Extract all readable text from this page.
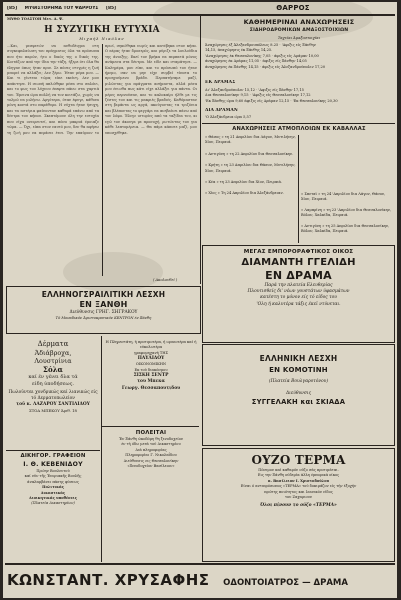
[85] ΜΥΘΙΣΤΟΡΗΜΑ ΤΟΥ ΨΑΡΡΟΥΣ [85]	ΘΑΡΡΟΣ
ΜΥΘΟ ΤΟΛΣΤΟΗ Μετ. Α. Ψ.
Η ΣΥΖΥΓΙΚΗ ΕΥΤΥΧΙΑ
Μιχαήλ Νικόλαν
...Και, μεσφετών να ανθοδέιγμα στη συγκεφαλαίωση του πράγματος όλα τα πρόσωπα που ήτο παρών, ήτο ο δικός της ο δικός της. Κοιτάζων από την ίδια την τάξη, ήξερε ότι όλα θα έληγαν όπως ήταν πριν. Σε πόσες στιγμές η ζωή μπορεί να αλλάξει; Δεν ξέρω. Ήταν μέρα μου. — Και τι γίνεται τώρα; είπε εκείνη. Δεν μου απάντησε. Η σιωπή απλώθηκε μέσα στο σαλόνι, και το φως του λύχνου έπεφτε πάνω στα χαρτιά του. Έμεινα ώρα πολλή να τον κοιτάζω, χωρίς να τολμώ να μιλήσω. Αργότερα, όταν έφυγε, κάθισα μόνη κοντά στο παράθυρο. Η νύχτα ήταν ήσυχη, και τα αστέρια φαίνονταν καθαρά επάνω από τα δέντρα του κήπου. Σκεπτόμουν όλη την ευτυχία που είχα ονειρευτεί, και πόσο μακριά έμοιαζε τώρα. — Όχι, είπα στον εαυτό μου, δεν θα αφήσω τη ζωή μου να περάσει έτσι. Την επαύριον το πρωί, σηκώθηκα νωρίς και κατέβηκα στον κήπο. Ο αέρας ήταν δροσερός, και μύριζε τα λουλούδια της άνοιξης. Εκεί τον βρήκα να περπατά μόνος ανάμεσα στα δέντρα. Με είδε και σταμάτησε. — Καλημέρα, μου είπε, και το πρόσωπό του ήταν ήρεμο, σαν να μην είχε συμβεί τίποτα το προηγούμενο βράδυ. Περπατήσαμε μαζί, μιλώντας για πράγματα ασήμαντα, αλλά μέσα μου ένιωθα πως κάτι είχε αλλάξει για πάντα. Οι μέρες περνούσαν, και το καλοκαίρι ήλθε με τις ζέστες του και τις μακριές βραδιές. Καθόμασταν στη βεράντα ως αργά, ακούγοντας τα τριζόνια και βλέποντας το φεγγάρι να ανεβαίνει πάνω από τον λόφο. Έλεγε ιστορίες από τα ταξίδια του, κι εγώ τον άκουγα με προσοχή, ρωτώντας του για κάθε λεπτομέρεια. — Θα πάμε κάποτε μαζί, μου υποσχέθηκε.
( Ακολουθεί )
ΚΑΘΗΜΕΡΙΝΑΙ ΑΝΑΧΩΡΗΣΕΙΣ
ΣΙΔΗΡΟΔΡΟΜΙΚΩΝ ΑΜΑΞΟΣΤΟΙΧΙΩΝ
Ταχεϊαι Άμαξοστοιχίαι
Άναχώρησις έξ Άλεξανδρουπόλεως 8.25 · 'Αφιξις είς Ξάνθην
14,15, άναχώρησις έκ Ξάνθης 14,25.
'Αναχώρησις έκ Θεσσαλονίκης 7,05 · άφιξις είς Δράμαν 10,00
άναχώρησις έκ Δράμας 11,05 · άφιξις είς Ξάνθην 14,05
άναχώρησις έκ Ξάνθης 14,15 · άφιξις είς Άλεξανδρούπολιν 17,20
ΕΚ ΔΡΑΜΑΣ
Δι' Άλεξανδρούπολιν 15,12 · 'Αφιξις είς Ξάνθην 17,15
Δια Θεσσαλονίκην 9,15 · 'Αφιξις είς Θεσσαλονίκην 17,12
'Εκ Ξάνθης ώρα 9,60 άφιξις είς Δράμαν 12,15 · 'Εκ Θεσσαλονίκης 20,30
ΔΙΑ ΔΡΑΜΑΝ
'Ο Άλεξάνδρεια ώρα 5,57
ΑΝΑΧΩΡΗΣΕΙΣ ΑΤΜΟΠΛΟΙΩΝ ΕΚ ΚΑΒΑΛΛΑΣ
« Θάσος » τη 21 Απριλίου δια Λάγον, Μυτιλήνην, Χίον, Πειραιά.
« Αντιγόνη » τη 22 Απριλίου δια Θεσσαλονίκην.
« Κρήτη » τη 23 Απριλίου δια Θάσον, Μυτιλήνην, Χίον, Πειραιά.
« Κέα » τη 23 Απριλίου δια Χίον, Πειραιά.
« Χίος » Τη 24 Απριλίου δια Άλεξάνδρειαν.	« Σπεταϊ » τη 24 'Απριλίου δια Λάγον, Θάσον, Χίον, Πειραιά.
« Λαμπρίνη » τη 23 'Απριλίου δια Θεσσαλονίκην, Βόλον, Χαλκίδα, Πειραιά.
« Αντιγόνη » τη 25 Απριλίου δια Θεσσαλονίκην, Βόλον, Χαλκίδα, Πειραιά.
ΜΕΓΑΣ ΕΜΠΟΡΟΡΑΦΤΙΚΟΣ ΟΙΚΟΣ
ΔΙΑΜΑΝΤΗ ΓΓΕΛΙΔΗ
ΕΝ ΔΡΑΜΑ
Παρά την πλατεία Ελευθερίας
Πλουτισθείς δι' νέων γουστάτων ύφασμάτων
κατέστη το μόνον είς τό είδος του
'Ολη ή καλυτέρα τάξις έκεϊ ντύνεται.
ΕΛΛΗΝΟΓΣΡΑΙΛΙΤΙΚΗ ΛΕΣΧΗ
ΕΝ ΞΑΝΘΗ
Διεύθυνσις ΓΡΗΓ. ΣΗΓΡΑΚΟΥ
Τό Μοναδικόν Άριστοκρατικόν ΚΕΝΤΡΟΝ έν Ξάνθη
Δέρματα
Άδιάβροχα,
Λουστρίνια
Σόλα
καί έν γένει δλα τά
είδη ύποδήσεως.
Πωλοῦνται χονδρικώς καί λιανικώς είς τό Δερματοπωλείον
τοῦ κ. ΛΑΖΑΡΟΥ ΣΑΝΤΙΛΙΔΟΥ
ΣΤΟΑ ΜΠΕΚΟΥ Άριθ. 18
Η Πληρεστάτη, ή προτιμοτέρα, ή ωραιοτέρα καί ή εύκολωτέρα
γραφομηχανή ΤΗΣ
ΠΑΥΛΙΔΟΥ
ΟΙΚΟΝΟΜΙΚΗΝ
Εκ τού διακόσμου
ΣΙΣΚΗ ΣΕΝΤΡ
του Μπεκα
Γεωργ. Θεσσαπουτιδου
ΔΙΚΗΓΟΡ. ΓΡΑΦΕΙΟΝ
Ι. Θ. ΚΕΒΕΝΙΔΟΥ
Πρώην Βουλευτού
καί νῦν τῆς Ένοριακῆς Βουλῆς
άναλαμβάνει πάσης φύσεως
Πολιτικάς
Δικαστικάς
Διοικητικάς υποθέσεις
(Πλατεία Δικαστηρίων)
ΠΟΛΕΙΤΑΙ
Έν Ξάνθη ώκοδόμη θη ξενοδοχείον
έν τή όδω μετά τού Δικαστηρίου
Διά πληροφορίας
Πληροφορίαι Γ. Νικολαΐδου
Διεύθυνσις εις Θεσσαλονίκην
«Ξενοδοχείον Βασίλειον»
ΕΛΛΗΝΙΚΗ ΛΕΣΧΗ
ΕΝ ΚΟΜΟΤΙΝΗ
(Πλατεία Βουλγαροτόνου)
Διεύθυνσις
ΣΥΓΓΕΛΑΚΗ και ΣΚΙΑΔΑ
ΟΥΖΟ ΤΕΡΜΑ
Πόσιμον καί καθαρόν ούζο σάς προτιμάται.
Εις την Ξάνθη ούδεμία άλλη έμπορικά οίκος
α. Βασίλειον Ι. Χριστοδούλου
Είναι ό αντιπρόσωπος «ΤΕΡΜΑ» τού δοκιμάζον είς τήν έξοχήν
πρώτης ποιότητος και λιανικόν είδος
του Ζαχαριουν
Όλοι πίνουν το ούζο «ΤΕΡΜΑ»
ΚΩΝΣΤΑΝΤ. ΧΡΥΣΑΦΗΣ ΟΔΟΝΤΟΙΑΤΡΟΣ — ΔΡΑΜΑ
